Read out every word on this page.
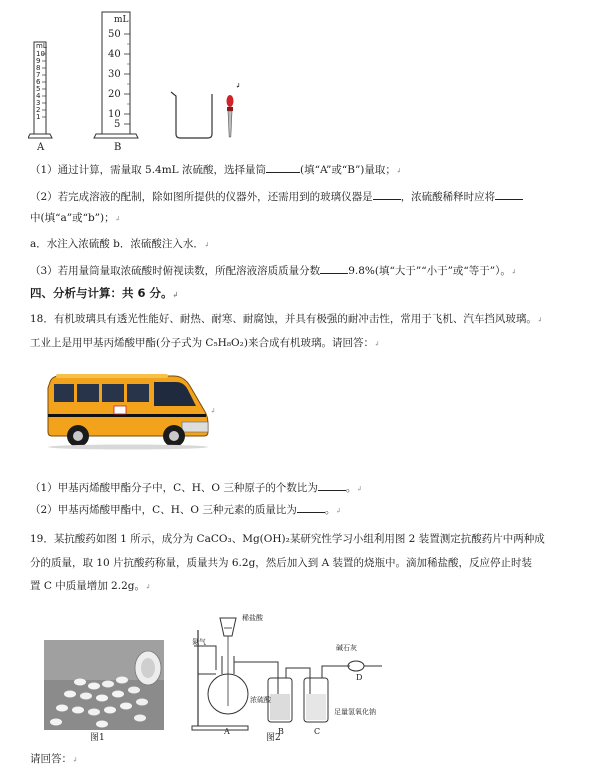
mL
10
9
8
7
6
5
4
3
2
1
A
mL
50
40
30
20
10
5
B
↲
（1）通过计算，需量取 5.4mL 浓硫酸，选择量筒	(填“A”或“B”)量取；↲
（2）若完成溶液的配制，除如图所提供的仪器外，还需用到的玻璃仪器是	，浓硫酸稀释时应将
中(填“a”或“b”)；↲
a．水注入浓硫酸 b．浓硫酸注入水．↲
（3）若用量筒量取浓硫酸时俯视读数，所配溶液溶质质量分数	9.8%(填“大于”“小于”或“等于”）。↲
四、分析与计算：共 6 分。↲
18．有机玻璃具有透光性能好、耐热、耐寒、耐腐蚀，并具有极强的耐冲击性，常用于飞机、汽车挡风玻璃。↲
工业上是用甲基丙烯酸甲酯(分子式为 C₅H₈O₂)来合成有机玻璃。请回答：↲
↲
（1）甲基丙烯酸甲酯分子中，C、H、O 三种原子的个数比为	。↲
（2）甲基丙烯酸甲酯中，C、H、O 三种元素的质量比为	。↲
19．某抗酸药如图 1 所示，成分为 CaCO₃、Mg(OH)₂某研究性学习小组利用图 2 装置测定抗酸药片中两种成
分的质量，取 10 片抗酸药称量，质量共为 6.2g，然后加入到 A 装置的烧瓶中。滴加稀盐酸，反应停止时装
置 C 中质量增加 2.2g。↲
图1
氮气
稀盐酸
碱石灰
浓硫酸
足量氢氧化钠
A	B	C
D
图2
请回答：↲
